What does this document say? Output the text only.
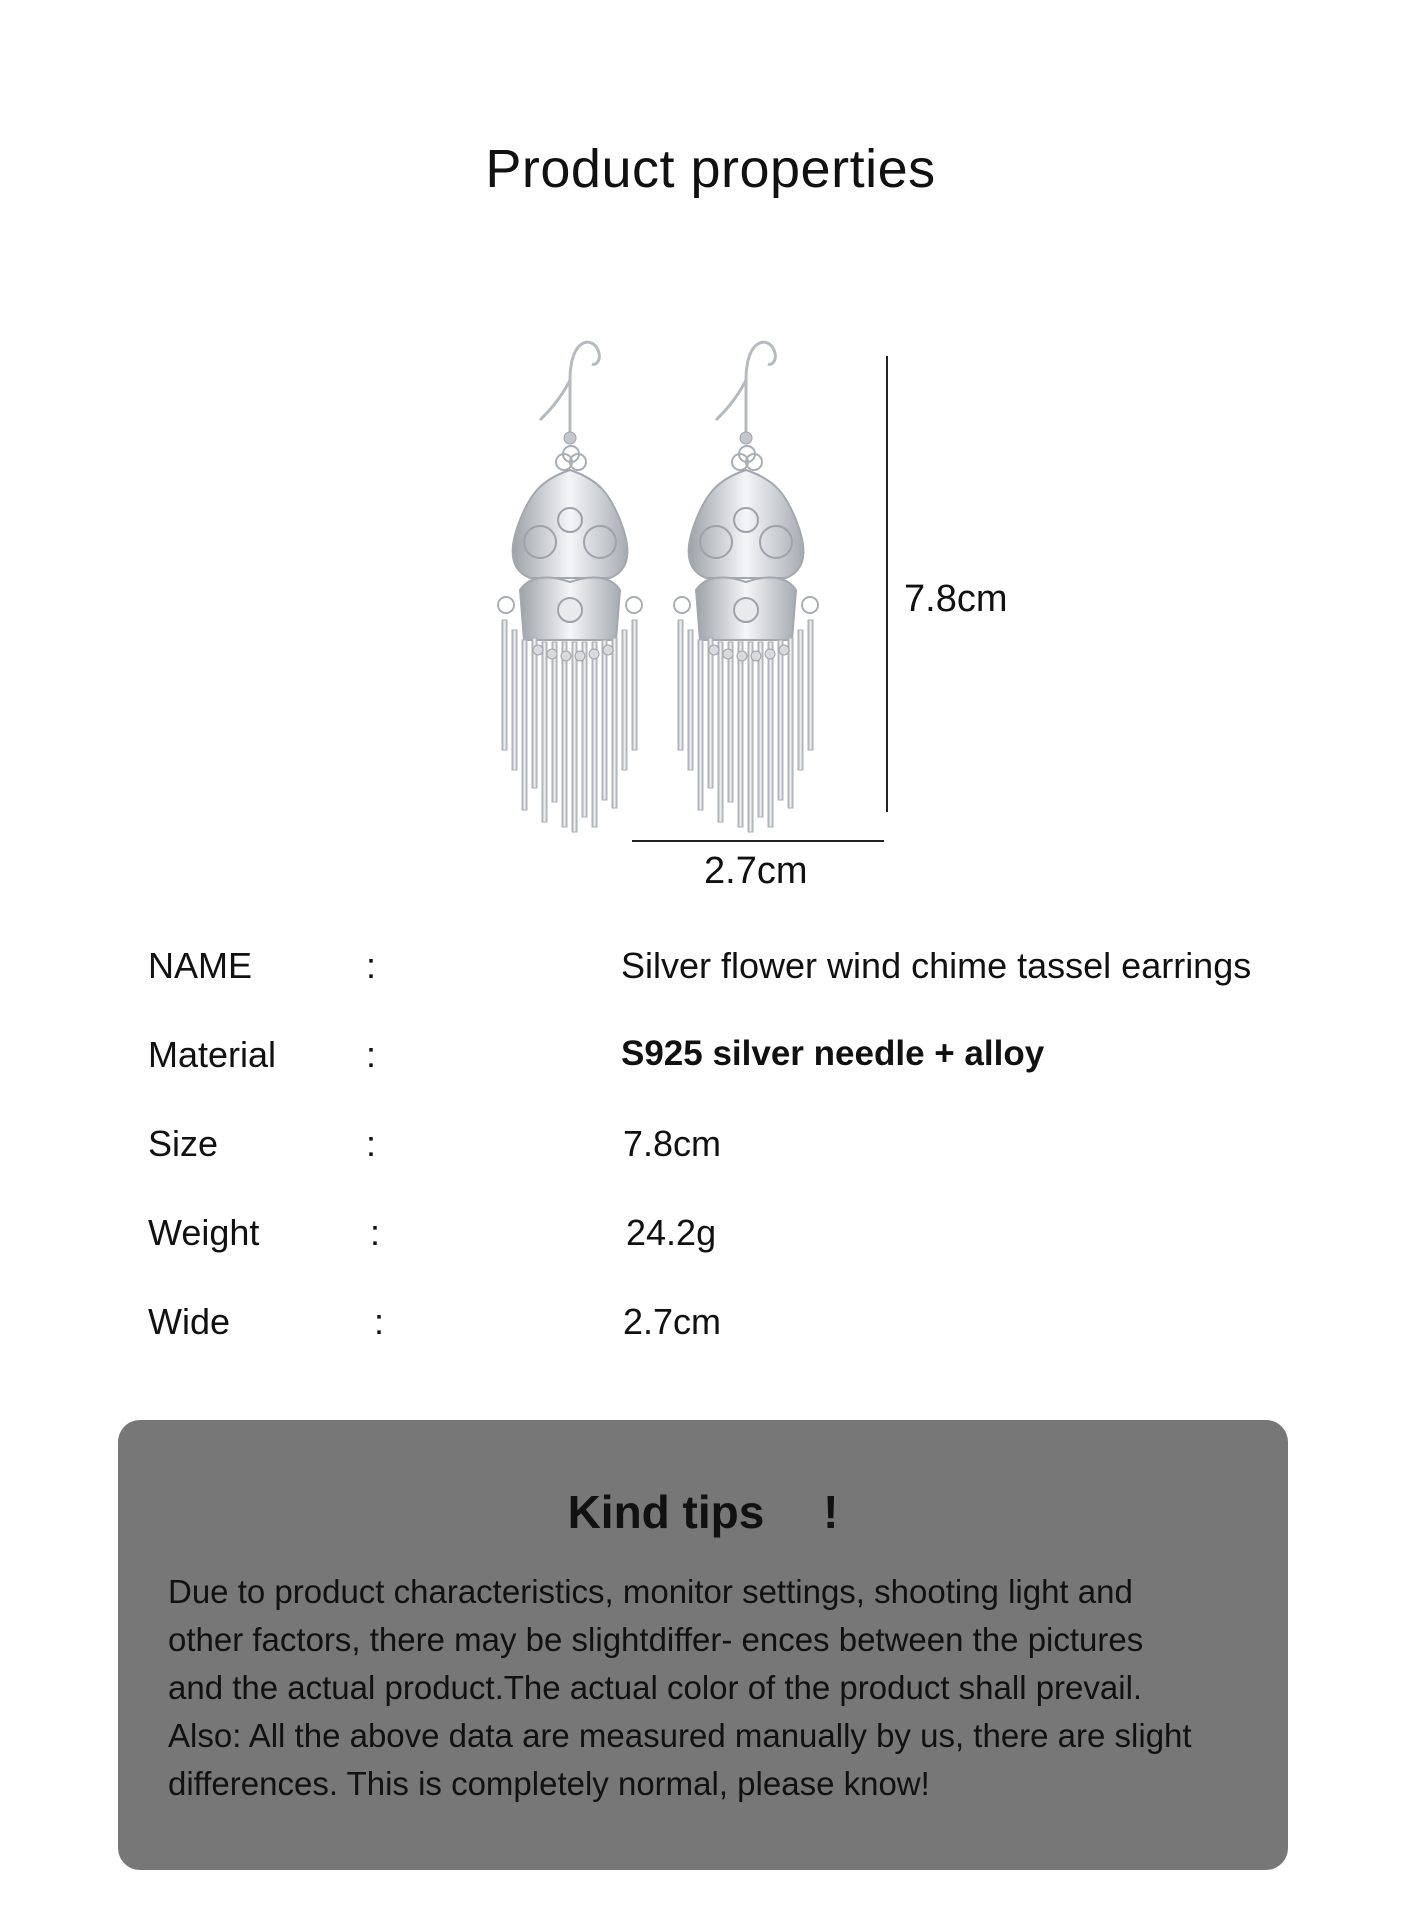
Product properties
7.8cm
2.7cm
NAME	:	Silver flower wind chime tassel earrings
Material :	S925 silver needle + alloy
Size	:	7.8cm
Weight	:	24.2g
Wide	:	2.7cm
Kind tips 　!

Due to product characteristics, monitor settings, shooting light and

other factors, there may be slightdiffer- ences between the pictures

and the actual product.The actual color of the product shall prevail.

Also: All the above data are measured manually by us, there are slight

differences. This is completely normal, please know!
